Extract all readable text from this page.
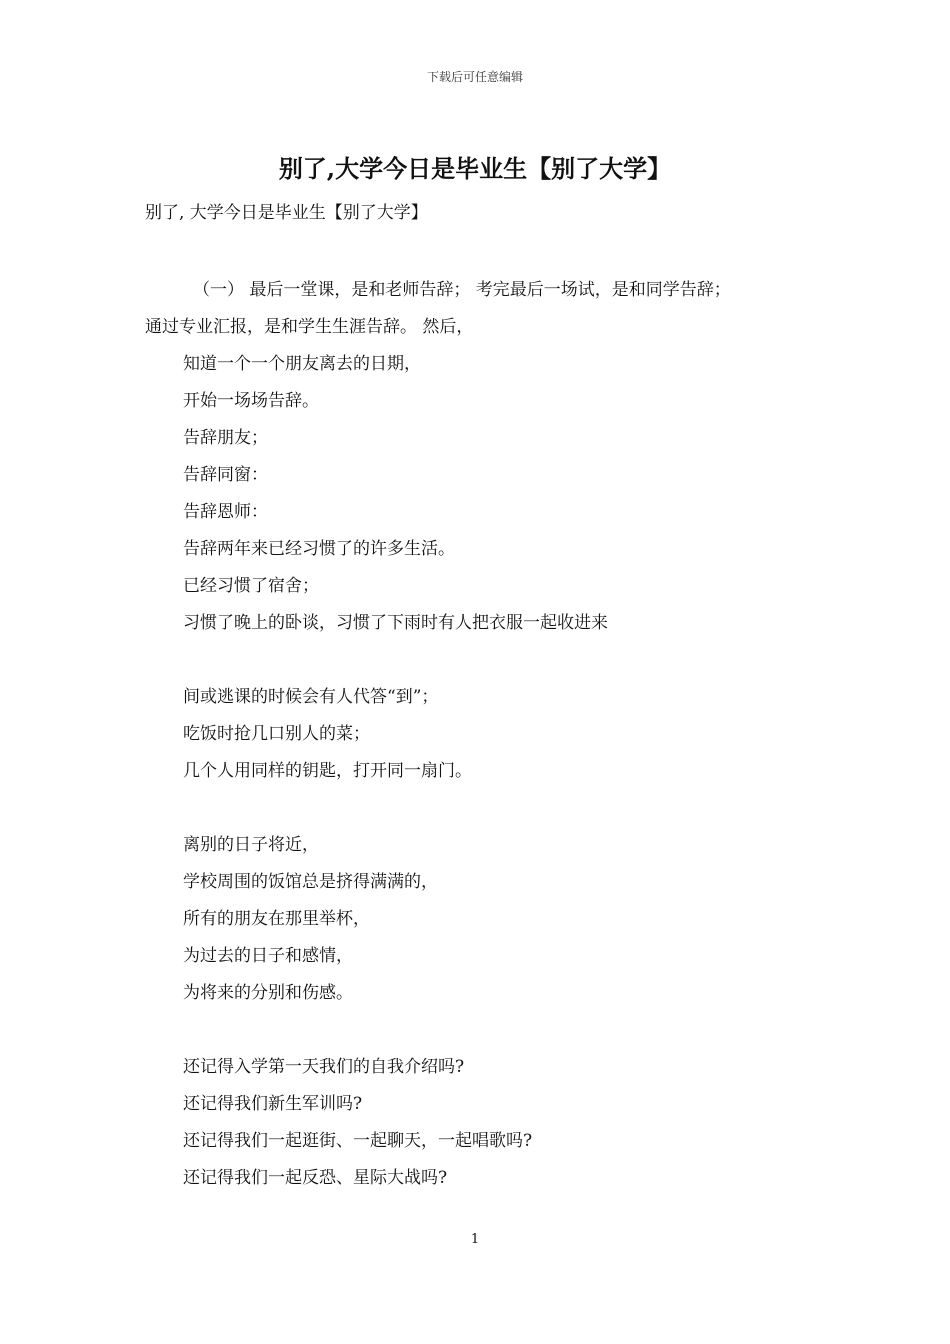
下载后可任意编辑
别了,大学今日是毕业生【别了大学】
别了, 大学今日是毕业生【别了大学】
（一） 最后一堂课，是和老师告辞； 考完最后一场试，是和同学告辞；
通过专业汇报，是和学生生涯告辞。 然后，
知道一个一个朋友离去的日期，
开始一场场告辞。
告辞朋友；
告辞同窗：
告辞恩师：
告辞两年来已经习惯了的许多生活。
已经习惯了宿舍；
习惯了晚上的卧谈，习惯了下雨时有人把衣服一起收进来
间或逃课的时候会有人代答“到”；
吃饭时抢几口别人的菜；
几个人用同样的钥匙，打开同一扇门。
离别的日子将近，
学校周围的饭馆总是挤得满满的，
所有的朋友在那里举杯，
为过去的日子和感情，
为将来的分别和伤感。
还记得入学第一天我们的自我介绍吗?
还记得我们新生军训吗?
还记得我们一起逛街、一起聊天，一起唱歌吗?
还记得我们一起反恐、星际大战吗?
1
